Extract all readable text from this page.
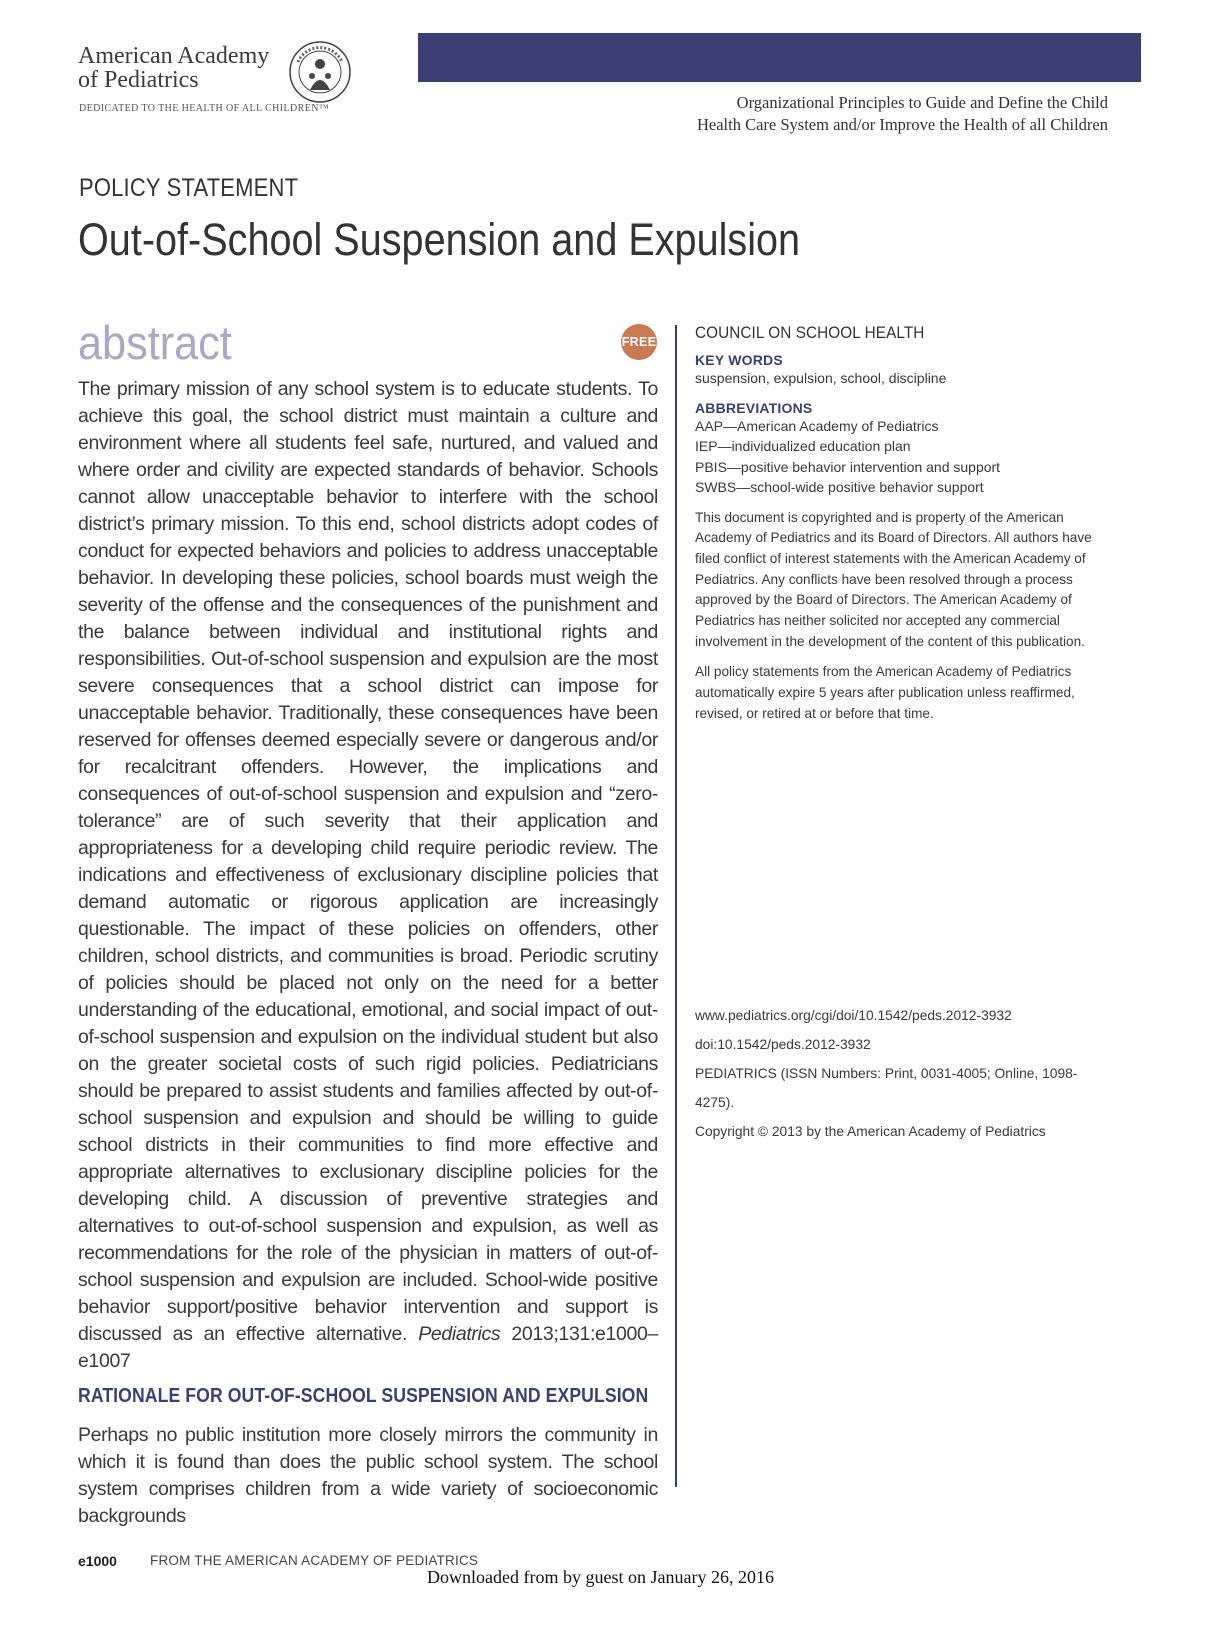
American Academy
of Pediatrics
DEDICATED TO THE HEALTH OF ALL CHILDREN™	Organizational Principles to Guide and Define the Child
Health Care System and/or Improve the Health of all Children
POLICY STATEMENT
Out-of-School Suspension and Expulsion
abstract	FREE
The primary mission of any school system is to educate students. To achieve this goal, the school district must maintain a culture and environment where all students feel safe, nurtured, and valued and where order and civility are expected standards of behavior. Schools cannot allow unacceptable behavior to interfere with the school district’s primary mission. To this end, school districts adopt codes of conduct for expected behaviors and policies to address unacceptable behavior. In developing these policies, school boards must weigh the severity of the offense and the consequences of the punishment and the balance between individual and institutional rights and responsibilities. Out-of-school suspension and expulsion are the most severe consequences that a school district can impose for unacceptable behavior. Traditionally, these consequences have been reserved for offenses deemed especially severe or dangerous and/or for recalcitrant offenders. However, the implications and consequences of out-of-school suspension and expulsion and “zero-tolerance” are of such severity that their application and appropriateness for a developing child require periodic review. The indications and effectiveness of exclusionary discipline policies that demand automatic or rigorous application are increasingly questionable. The impact of these policies on offenders, other children, school districts, and communities is broad. Periodic scrutiny of policies should be placed not only on the need for a better understanding of the educational, emotional, and social impact of out-of-school suspension and expulsion on the individual student but also on the greater societal costs of such rigid policies. Pediatricians should be prepared to assist students and families affected by out-of-school suspension and expulsion and should be willing to guide school districts in their communities to find more effective and appropriate alternatives to exclusionary discipline policies for the developing child. A discussion of preventive strategies and alternatives to out-of-school suspension and expulsion, as well as recommendations for the role of the physician in matters of out-of-school suspension and expulsion are included. School-wide positive behavior support/positive behavior intervention and support is discussed as an effective alternative. Pediatrics 2013;131:e1000–e1007
RATIONALE FOR OUT-OF-SCHOOL SUSPENSION AND EXPULSION
Perhaps no public institution more closely mirrors the community in which it is found than does the public school system. The school system comprises children from a wide variety of socioeconomic backgrounds
COUNCIL ON SCHOOL HEALTH
KEY WORDS
suspension, expulsion, school, discipline
ABBREVIATIONS
AAP—American Academy of Pediatrics
IEP—individualized education plan
PBIS—positive behavior intervention and support
SWBS—school-wide positive behavior support
This document is copyrighted and is property of the American Academy of Pediatrics and its Board of Directors. All authors have filed conflict of interest statements with the American Academy of Pediatrics. Any conflicts have been resolved through a process approved by the Board of Directors. The American Academy of Pediatrics has neither solicited nor accepted any commercial involvement in the development of the content of this publication.
All policy statements from the American Academy of Pediatrics automatically expire 5 years after publication unless reaffirmed, revised, or retired at or before that time.
www.pediatrics.org/cgi/doi/10.1542/peds.2012-3932
doi:10.1542/peds.2012-3932
PEDIATRICS (ISSN Numbers: Print, 0031-4005; Online, 1098-4275).
Copyright © 2013 by the American Academy of Pediatrics
e1000 FROM THE AMERICAN ACADEMY OF PEDIATRICS
Downloaded from by guest on January 26, 2016
